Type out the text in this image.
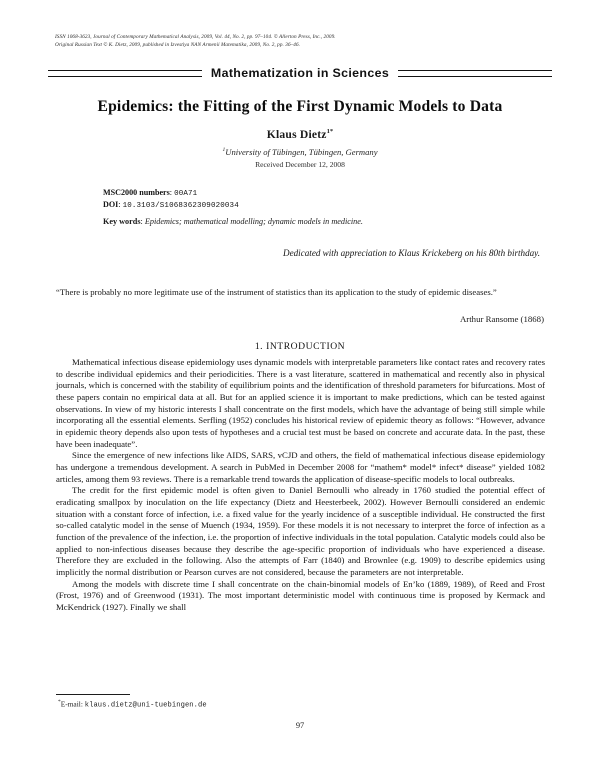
ISSN 1068-3623, Journal of Contemporary Mathematical Analysis, 2009, Vol. 44, No. 2, pp. 97–104. © Allerton Press, Inc., 2009.
Original Russian Text © K. Dietz, 2009, published in Izvestiya NAN Armenii Matematika, 2009, No. 2, pp. 36–46.
Mathematization in Sciences
Epidemics: the Fitting of the First Dynamic Models to Data
Klaus Dietz$^{1*}$
$^1$University of Tübingen, Tübingen, Germany
Received December 12, 2008
MSC2000 numbers: 00A71
DOI: 10.3103/S1068362309020034
Key words: Epidemics; mathematical modelling; dynamic models in medicine.
Dedicated with appreciation to Klaus Krickeberg on his 80th birthday.
“There is probably no more legitimate use of the instrument of statistics than its application to the study of epidemic diseases.”
Arthur Ransome (1868)
1. INTRODUCTION

Mathematical infectious disease epidemiology uses dynamic models with interpretable parameters like contact rates and recovery rates to describe individual epidemics and their periodicities. There is a vast literature, scattered in mathematical and recently also in physical journals, which is concerned with the stability of equilibrium points and the identification of threshold parameters for bifurcations. Most of these papers contain no empirical data at all. But for an applied science it is important to make predictions, which can be tested against observations. In view of my historic interests I shall concentrate on the first models, which have the advantage of being still simple while incorporating all the essential elements. Serfling (1952) concludes his historical review of epidemic theory as follows: “However, advance in epidemic theory depends also upon tests of hypotheses and a crucial test must be based on concrete and accurate data. In the past, these have been inadequate”.

Since the emergence of new infections like AIDS, SARS, vCJD and others, the field of mathematical infectious disease epidemiology has undergone a tremendous development. A search in PubMed in December 2008 for “mathem* model* infect* disease” yielded 1082 articles, among them 93 reviews. There is a remarkable trend towards the application of disease-specific models to local outbreaks.

The credit for the first epidemic model is often given to Daniel Bernoulli who already in 1760 studied the potential effect of eradicating smallpox by inoculation on the life expectancy (Dietz and Heesterbeek, 2002). However Bernoulli considered an endemic situation with a constant force of infection, i.e. a fixed value for the yearly incidence of a susceptible individual. He constructed the first so-called catalytic model in the sense of Muench (1934, 1959). For these models it is not necessary to interpret the force of infection as a function of the prevalence of the infection, i.e. the proportion of infective individuals in the total population. Catalytic models could also be applied to non-infectious diseases because they describe the age-specific proportion of individuals who have experienced a disease. Therefore they are excluded in the following. Also the attempts of Farr (1840) and Brownlee (e.g. 1909) to describe epidemics using implicitly the normal distribution or Pearson curves are not considered, because the parameters are not interpretable.

Among the models with discrete time I shall concentrate on the chain-binomial models of En’ko (1889, 1989), of Reed and Frost (Frost, 1976) and of Greenwood (1931). The most important deterministic model with continuous time is proposed by Kermack and McKendrick (1927). Finally we shall

*E-mail: klaus.dietz@uni-tuebingen.de
97
